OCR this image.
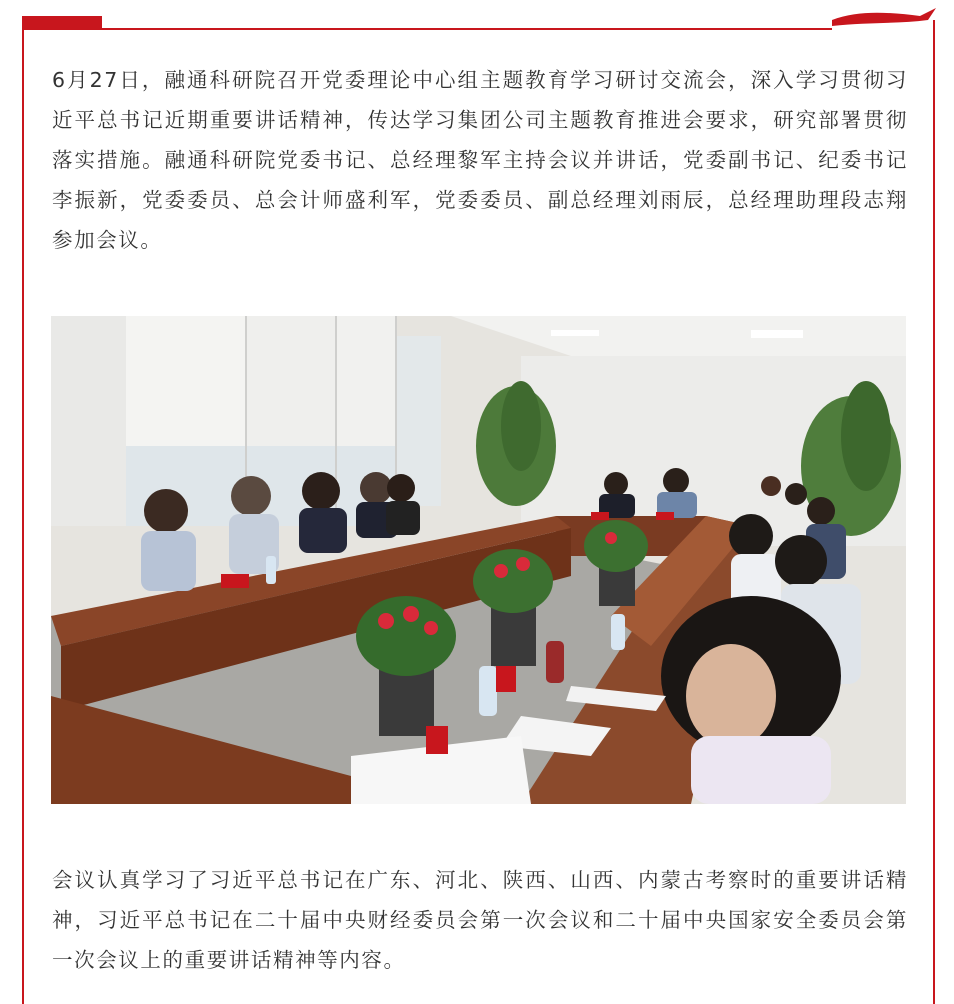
6月27日，融通科研院召开党委理论中心组主题教育学习研讨交流会，深入学习贯彻习近平总书记近期重要讲话精神，传达学习集团公司主题教育推进会要求，研究部署贯彻落实措施。融通科研院党委书记、总经理黎军主持会议并讲话，党委副书记、纪委书记李振新，党委委员、总会计师盛利军，党委委员、副总经理刘雨辰，总经理助理段志翔参加会议。

会议认真学习了习近平总书记在广东、河北、陕西、山西、内蒙古考察时的重要讲话精神，习近平总书记在二十届中央财经委员会第一次会议和二十届中央国家安全委员会第一次会议上的重要讲话精神等内容。
